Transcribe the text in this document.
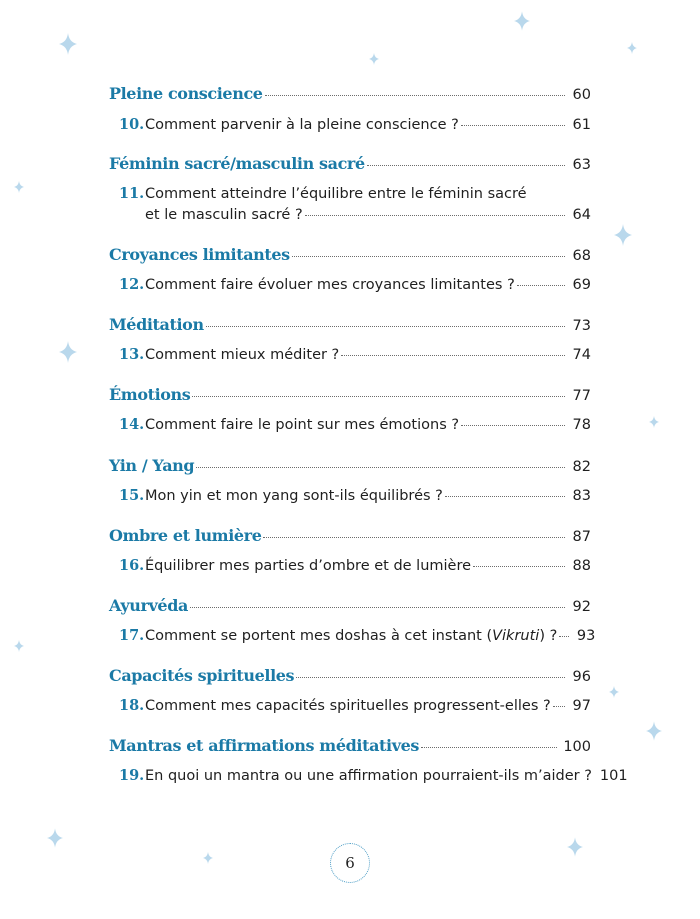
Pleine conscience	60
10. Comment parvenir à la pleine conscience ?	61
Féminin sacré/masculin sacré	63
11. Comment atteindre l’équilibre entre le féminin sacré
et le masculin sacré ?	64
Croyances limitantes	68
12. Comment faire évoluer mes croyances limitantes ?	69
Méditation	73
13. Comment mieux méditer ?	74
Émotions	77
14. Comment faire le point sur mes émotions ?	78
Yin / Yang	82
15. Mon yin et mon yang sont-ils équilibrés ?	83
Ombre et lumière	87
16. Équilibrer mes parties d’ombre et de lumière	88
Ayurvéda	92
17. Comment se portent mes doshas à cet instant (Vikruti) ? 93
Capacités spirituelles	96
18. Comment mes capacités spirituelles progressent-elles ? 97
Mantras et affirmations méditatives	100
19. En quoi un mantra ou une affirmation pourraient-ils m’aider ? 101
6
